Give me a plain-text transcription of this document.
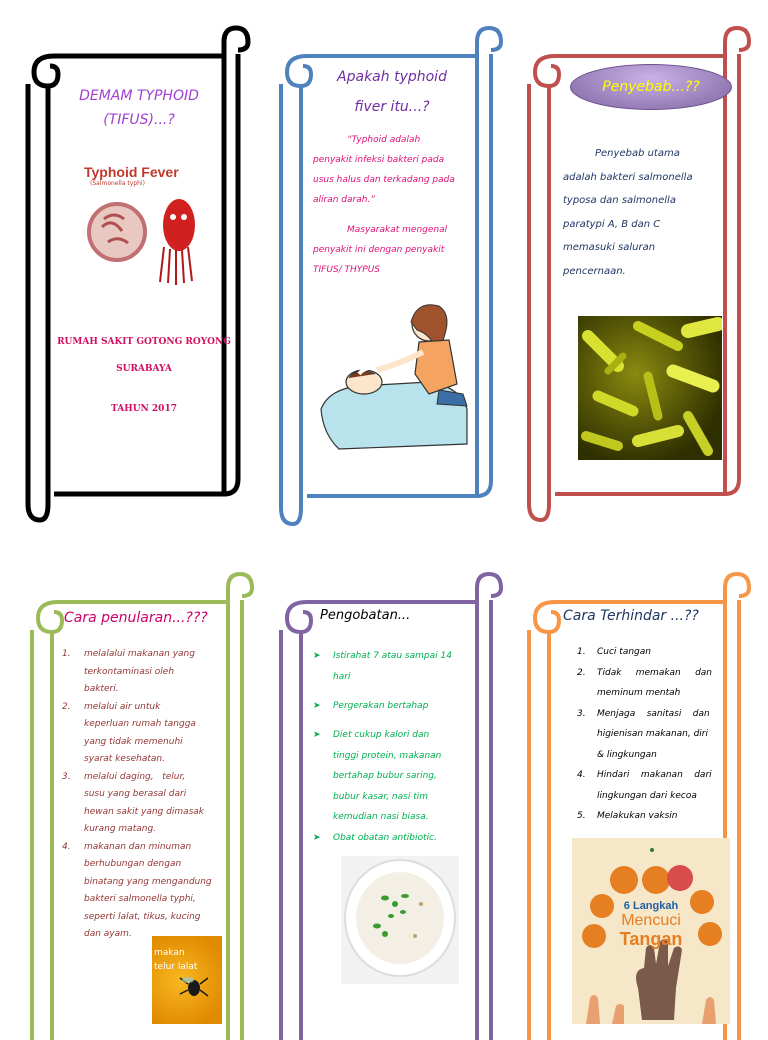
DEMAM TYPHOID
(TIFUS)...?

Typhoid Fever
(Salmonella typhi)

RUMAH SAKIT GOTONG ROYONG

SURABAYA

TAHUN 2017

Apakah typhoid

fiver itu...?

“Typhoid adalah

penyakit infeksi bakteri pada

usus halus dan terkadang pada

aliran darah.”

Masyarakat mengenal

penyakit ini dengan penyakit

TIFUS/ THYPUS

Penyebab...??

Penyebab utama

adalah bakteri salmonella

typosa dan salmonella

paratypi A, B dan C

memasuki saluran

pencernaan.

Cara penularan...???
1.	melalalui makanan yang

terkontaminasi oleh

bakteri.

2.	melalui air untuk

keperluan rumah tangga

yang tidak memenuhi

syarat kesehatan.

3.	melalui daging,   telur,

susu yang berasal dari

hewan sakit yang dimasak

kurang matang.

4.	makanan dan minuman

berhubungan dengan

binatang yang mengandung

bakteri salmonella typhi,

seperti lalat, tikus, kucing

dan ayam.

makan telur lalat
Pengobatan...
➤	Istirahat 7 atau sampai 14

hari

➤	Pergerakan bertahap

➤	Diet cukup kalori dan

tinggi protein, makanan

bertahap bubur saring,

bubur kasar, nasi tim

kemudian nasi biasa.

➤	Obat obatan antibiotic.

Cara Terhindar ...??
1.	Cuci tangan

2.	Tidak     memakan     dan

meminum mentah

3.	Menjaga    sanitasi    dan

higienisan makanan, diri

& lingkungan

4.	Hindari    makanan    dari

lingkungan dari kecoa

5.	Melakukan vaksin

6 Langkah
Mencuci
Tangan
